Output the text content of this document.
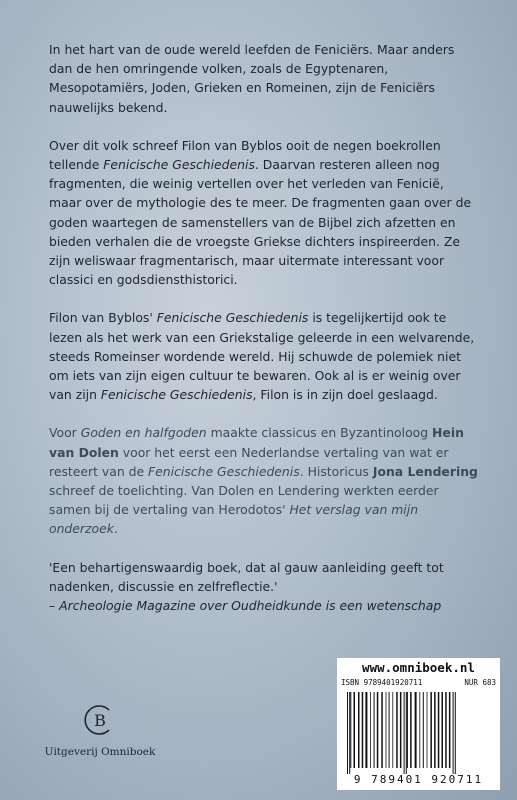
In het hart van de oude wereld leefden de Feniciërs. Maar anders dan de hen omringende volken, zoals de Egyptenaren, Mesopotamiërs, Joden, Grieken en Romeinen, zijn de Feniciërs nauwelijks bekend.

Over dit volk schreef Filon van Byblos ooit de negen boekrollen tellende Fenicische Geschiedenis. Daarvan resteren alleen nog fragmenten, die weinig vertellen over het verleden van Fenicië, maar over de mythologie des te meer. De fragmenten gaan over de goden waartegen de samenstellers van de Bijbel zich afzetten en bieden verhalen die de vroegste Griekse dichters inspireerden. Ze zijn weliswaar fragmentarisch, maar uitermate interessant voor classici en godsdiensthistorici.

Filon van Byblos' Fenicische Geschiedenis is tegelijkertijd ook te lezen als het werk van een Griekstalige geleerde in een welvarende, steeds Romeinser wordende wereld. Hij schuwde de polemiek niet om iets van zijn eigen cultuur te bewaren. Ook al is er weinig over van zijn Fenicische Geschiedenis, Filon is in zijn doel geslaagd.

Voor Goden en halfgoden maakte classicus en Byzantinoloog Hein van Dolen voor het eerst een Nederlandse vertaling van wat er resteert van de Fenicische Geschiedenis. Historicus Jona Lendering schreef de toelichting. Van Dolen en Lendering werkten eerder samen bij de vertaling van Herodotos' Het verslag van mijn onderzoek.

'Een behartigenswaardig boek, dat al gauw aanleiding geeft tot nadenken, discussie en zelfreflectie.'
– Archeologie Magazine over Oudheidkunde is een wetenschap

B
Uitgeverij Omniboek
www.omniboek.nl
ISBN 9789401920711	NUR 683
9 789401 920711
